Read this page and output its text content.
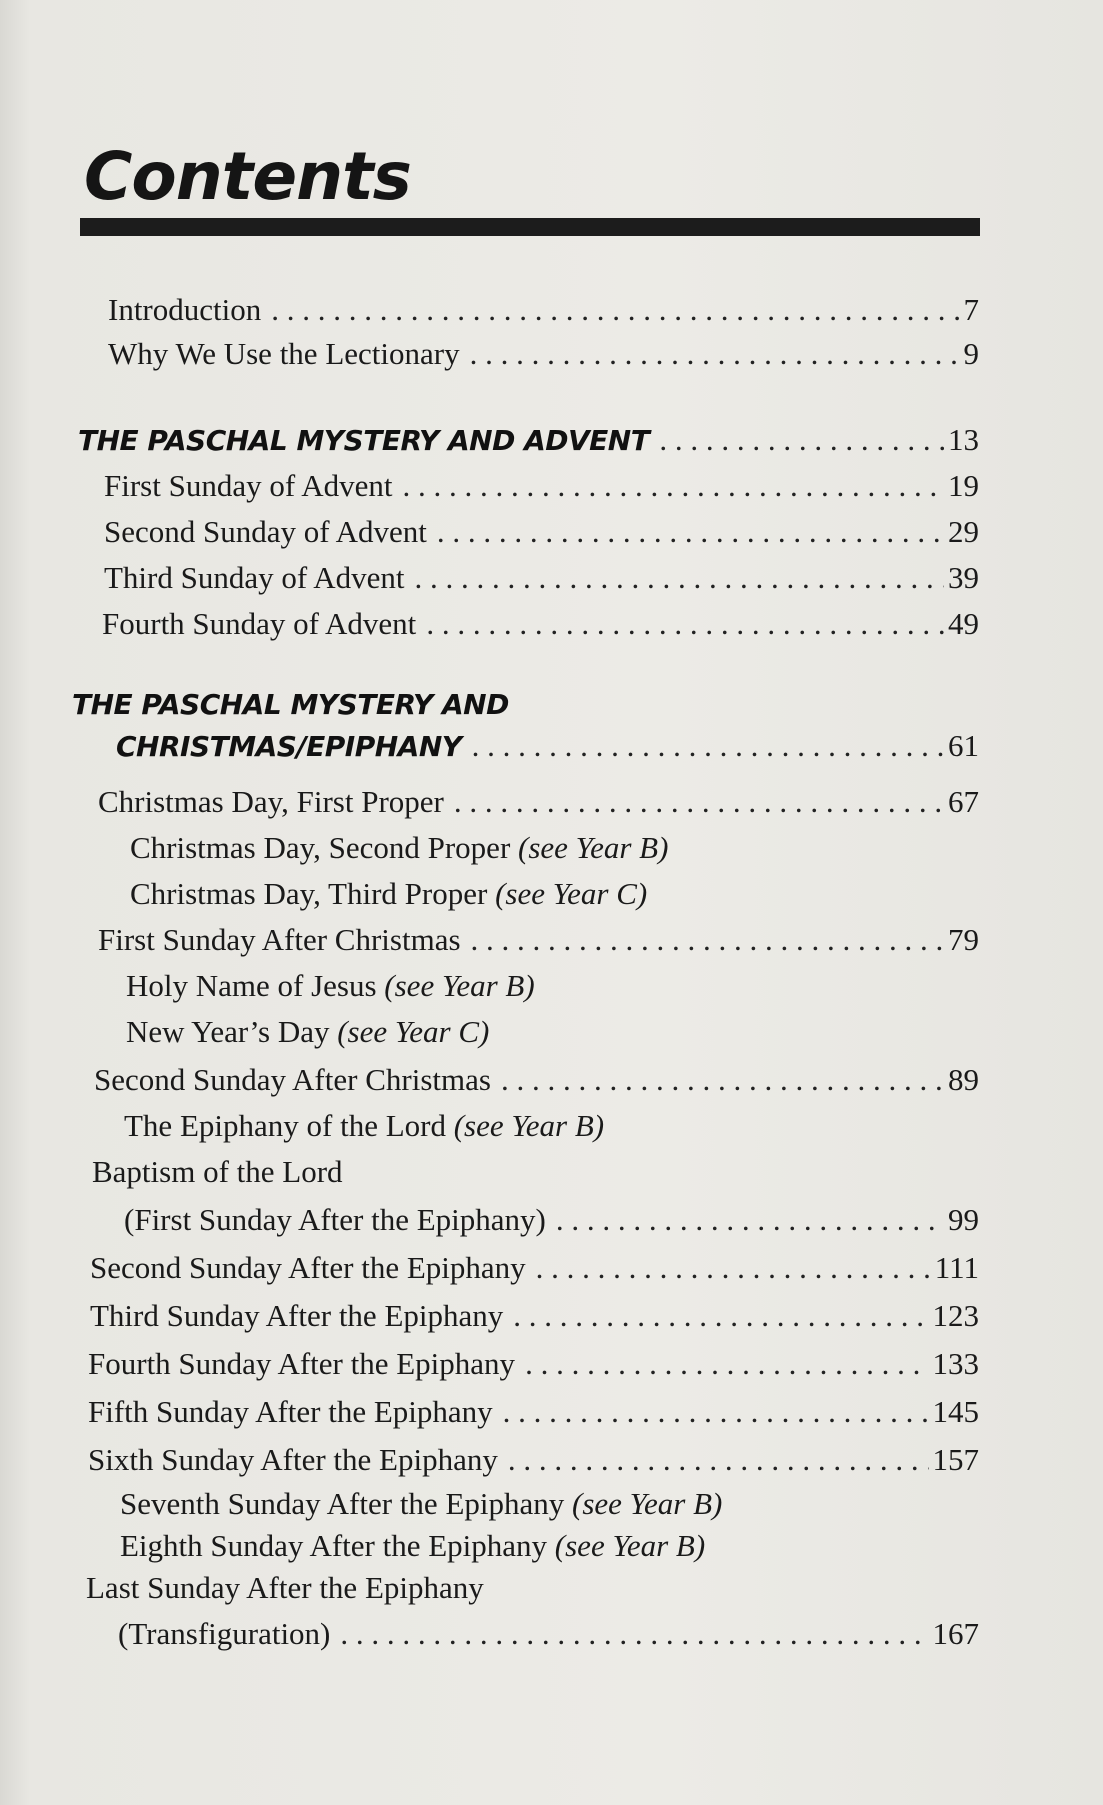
Contents
Introduction . . .	7
Why We Use the Lectionary . . .	9
THE PASCHAL MYSTERY AND ADVENT . . .	13
First Sunday of Advent . . .	19
Second Sunday of Advent . . .	29
Third Sunday of Advent . . .	39
Fourth Sunday of Advent . . .	49
THE PASCHAL MYSTERY AND
CHRISTMAS/EPIPHANY . . .	61
Christmas Day, First Proper . . .	67
Christmas Day, Second Proper (see Year B)
Christmas Day, Third Proper (see Year C)
First Sunday After Christmas . . .	79
Holy Name of Jesus (see Year B)
New Year’s Day (see Year C)
Second Sunday After Christmas . . .	89
The Epiphany of the Lord (see Year B)
Baptism of the Lord
(First Sunday After the Epiphany) . . .	99
Second Sunday After the Epiphany . . .	111
Third Sunday After the Epiphany . . .	123
Fourth Sunday After the Epiphany . . .	133
Fifth Sunday After the Epiphany . . .	145
Sixth Sunday After the Epiphany . . .	157
Seventh Sunday After the Epiphany (see Year B)
Eighth Sunday After the Epiphany (see Year B)
Last Sunday After the Epiphany
(Transfiguration) . . .	167
